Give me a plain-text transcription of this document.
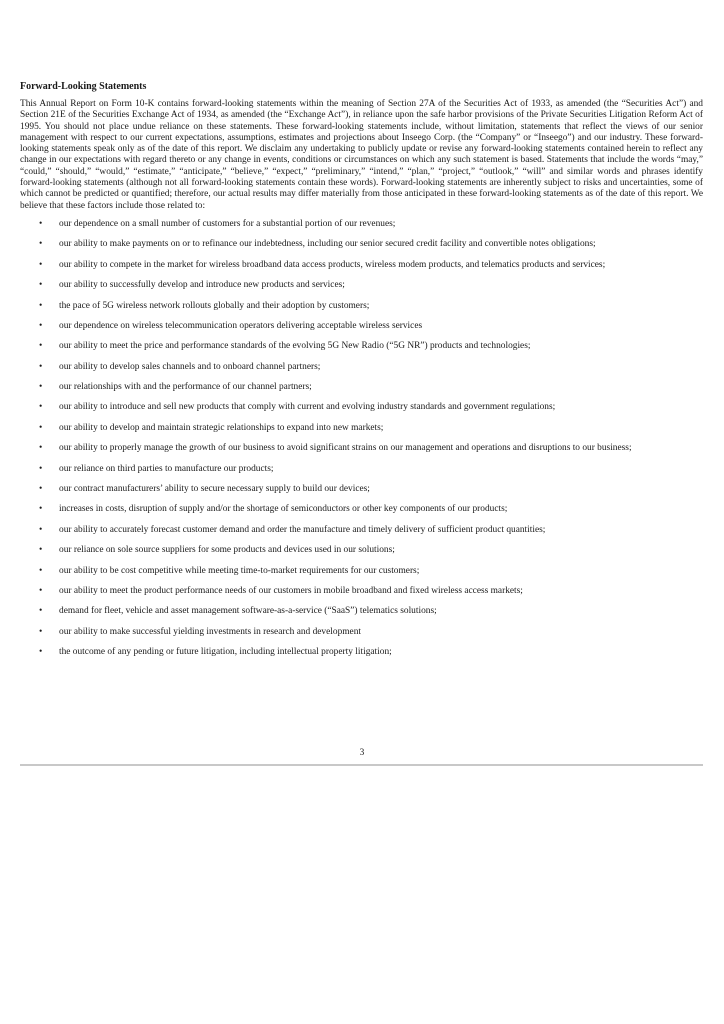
Forward-Looking Statements

This Annual Report on Form 10-K contains forward-looking statements within the meaning of Section 27A of the Securities Act of 1933, as amended (the “Securities Act”) and Section 21E of the Securities Exchange Act of 1934, as amended (the “Exchange Act”), in reliance upon the safe harbor provisions of the Private Securities Litigation Reform Act of 1995. You should not place undue reliance on these statements. These forward-looking statements include, without limitation, statements that reflect the views of our senior management with respect to our current expectations, assumptions, estimates and projections about Inseego Corp. (the “Company” or “Inseego”) and our industry. These forward-looking statements speak only as of the date of this report. We disclaim any undertaking to publicly update or revise any forward-looking statements contained herein to reflect any change in our expectations with regard thereto or any change in events, conditions or circumstances on which any such statement is based. Statements that include the words “may,” “could,” “should,” “would,” “estimate,” “anticipate,” “believe,” “expect,” “preliminary,” “intend,” “plan,” “project,” “outlook,” “will” and similar words and phrases identify forward-looking statements (although not all forward-looking statements contain these words). Forward-looking statements are inherently subject to risks and uncertainties, some of which cannot be predicted or quantified; therefore, our actual results may differ materially from those anticipated in these forward-looking statements as of the date of this report. We believe that these factors include those related to:

• our dependence on a small number of customers for a substantial portion of our revenues;
• our ability to make payments on or to refinance our indebtedness, including our senior secured credit facility and convertible notes obligations;
• our ability to compete in the market for wireless broadband data access products, wireless modem products, and telematics products and services;
• our ability to successfully develop and introduce new products and services;
• the pace of 5G wireless network rollouts globally and their adoption by customers;
• our dependence on wireless telecommunication operators delivering acceptable wireless services
• our ability to meet the price and performance standards of the evolving 5G New Radio (“5G NR”) products and technologies;
• our ability to develop sales channels and to onboard channel partners;
• our relationships with and the performance of our channel partners;
• our ability to introduce and sell new products that comply with current and evolving industry standards and government regulations;
• our ability to develop and maintain strategic relationships to expand into new markets;
• our ability to properly manage the growth of our business to avoid significant strains on our management and operations and disruptions to our business;
• our reliance on third parties to manufacture our products;
• our contract manufacturers’ ability to secure necessary supply to build our devices;
• increases in costs, disruption of supply and/or the shortage of semiconductors or other key components of our products;
• our ability to accurately forecast customer demand and order the manufacture and timely delivery of sufficient product quantities;
• our reliance on sole source suppliers for some products and devices used in our solutions;
• our ability to be cost competitive while meeting time-to-market requirements for our customers;
• our ability to meet the product performance needs of our customers in mobile broadband and fixed wireless access markets;
• demand for fleet, vehicle and asset management software-as-a-service (“SaaS”) telematics solutions;
• our ability to make successful yielding investments in research and development
• the outcome of any pending or future litigation, including intellectual property litigation;
3
